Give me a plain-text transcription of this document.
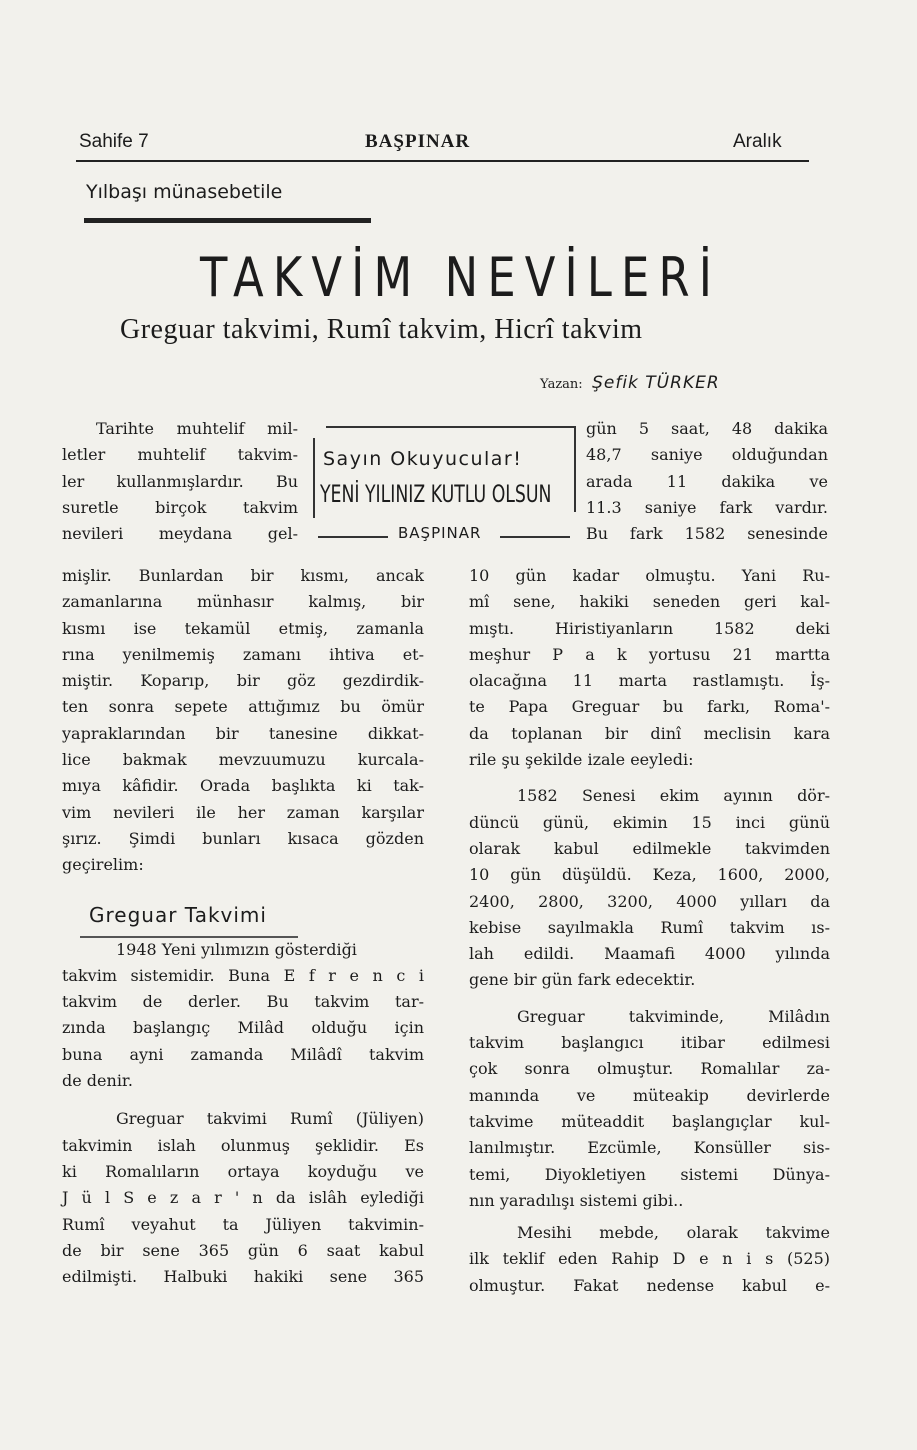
Sahife 7	BAŞPINAR	Aralık
Yılbaşı münasebetile
TAKVİM NEVİLERİ
Greguar takvimi, Rumî takvim, Hicrî takvim
Yazan: Şefik TÜRKER
Sayın Okuyucular!
YENİ YILINIZ KUTLU OLSUN
BAŞPINAR

Tarihte muhtelif mil-

letler muhtelif takvim-

ler kullanmışlardır. Bu

suretle birçok takvim

nevileri meydana gel-

mişlir. Bunlardan bir kısmı, ancak

zamanlarına münhasır kalmış, bir

kısmı ise tekamül etmiş, zamanla

rına yenilmemiş zamanı ihtiva et-

miştir. Koparıp, bir göz gezdirdik-

ten sonra sepete attığımız bu ömür

yapraklarından bir tanesine dikkat-

lice bakmak mevzuumuzu kurcala-

mıya kâfidir. Orada başlıkta ki tak-

vim nevileri ile her zaman karşılar

şırız. Şimdi bunları kısaca gözden

geçirelim:

1948 Yeni yılımızın gösterdiği

takvim sistemidir. Buna E f r e n c i

takvim de derler. Bu takvim tar-

zında başlangıç Milâd olduğu için

buna ayni zamanda Milâdî takvim

de denir.

Greguar takvimi Rumî (Jüliyen)

takvimin islah olunmuş şeklidir. Es

ki Romalıların ortaya koyduğu ve

J ü l S e z a r ' n da islâh eylediği

Rumî veyahut ta Jüliyen takvimin-

de bir sene 365 gün 6 saat kabul

edilmişti. Halbuki hakiki sene 365

Greguar Takvimi

gün 5 saat, 48 dakika

48,7 saniye olduğundan

arada 11 dakika ve

11.3 saniye fark vardır.

Bu fark 1582 senesinde

10 gün kadar olmuştu. Yani Ru-

mî sene, hakiki seneden geri kal-

mıştı. Hiristiyanların 1582 deki

meşhur P a k yortusu 21 martta

olacağına 11 marta rastlamıştı. İş-

te Papa Greguar bu farkı, Roma'-

da toplanan bir dinî meclisin kara

rile şu şekilde izale eeyledi:

1582 Senesi ekim ayının dör-

düncü günü, ekimin 15 inci günü

olarak kabul edilmekle takvimden

10 gün düşüldü. Keza, 1600, 2000,

2400, 2800, 3200, 4000 yılları da

kebise sayılmakla Rumî takvim ıs-

lah edildi. Maamafi 4000 yılında

gene bir gün fark edecektir.

Greguar takviminde, Milâdın

takvim başlangıcı itibar edilmesi

çok sonra olmuştur. Romalılar za-

manında ve müteakip devirlerde

takvime müteaddit başlangıçlar kul-

lanılmıştır. Ezcümle, Konsüller sis-

temi, Diyokletiyen sistemi Dünya-

nın yaradılışı sistemi gibi..

Mesihi mebde, olarak takvime

ilk teklif eden Rahip D e n i s (525)

olmuştur. Fakat nedense kabul e-
